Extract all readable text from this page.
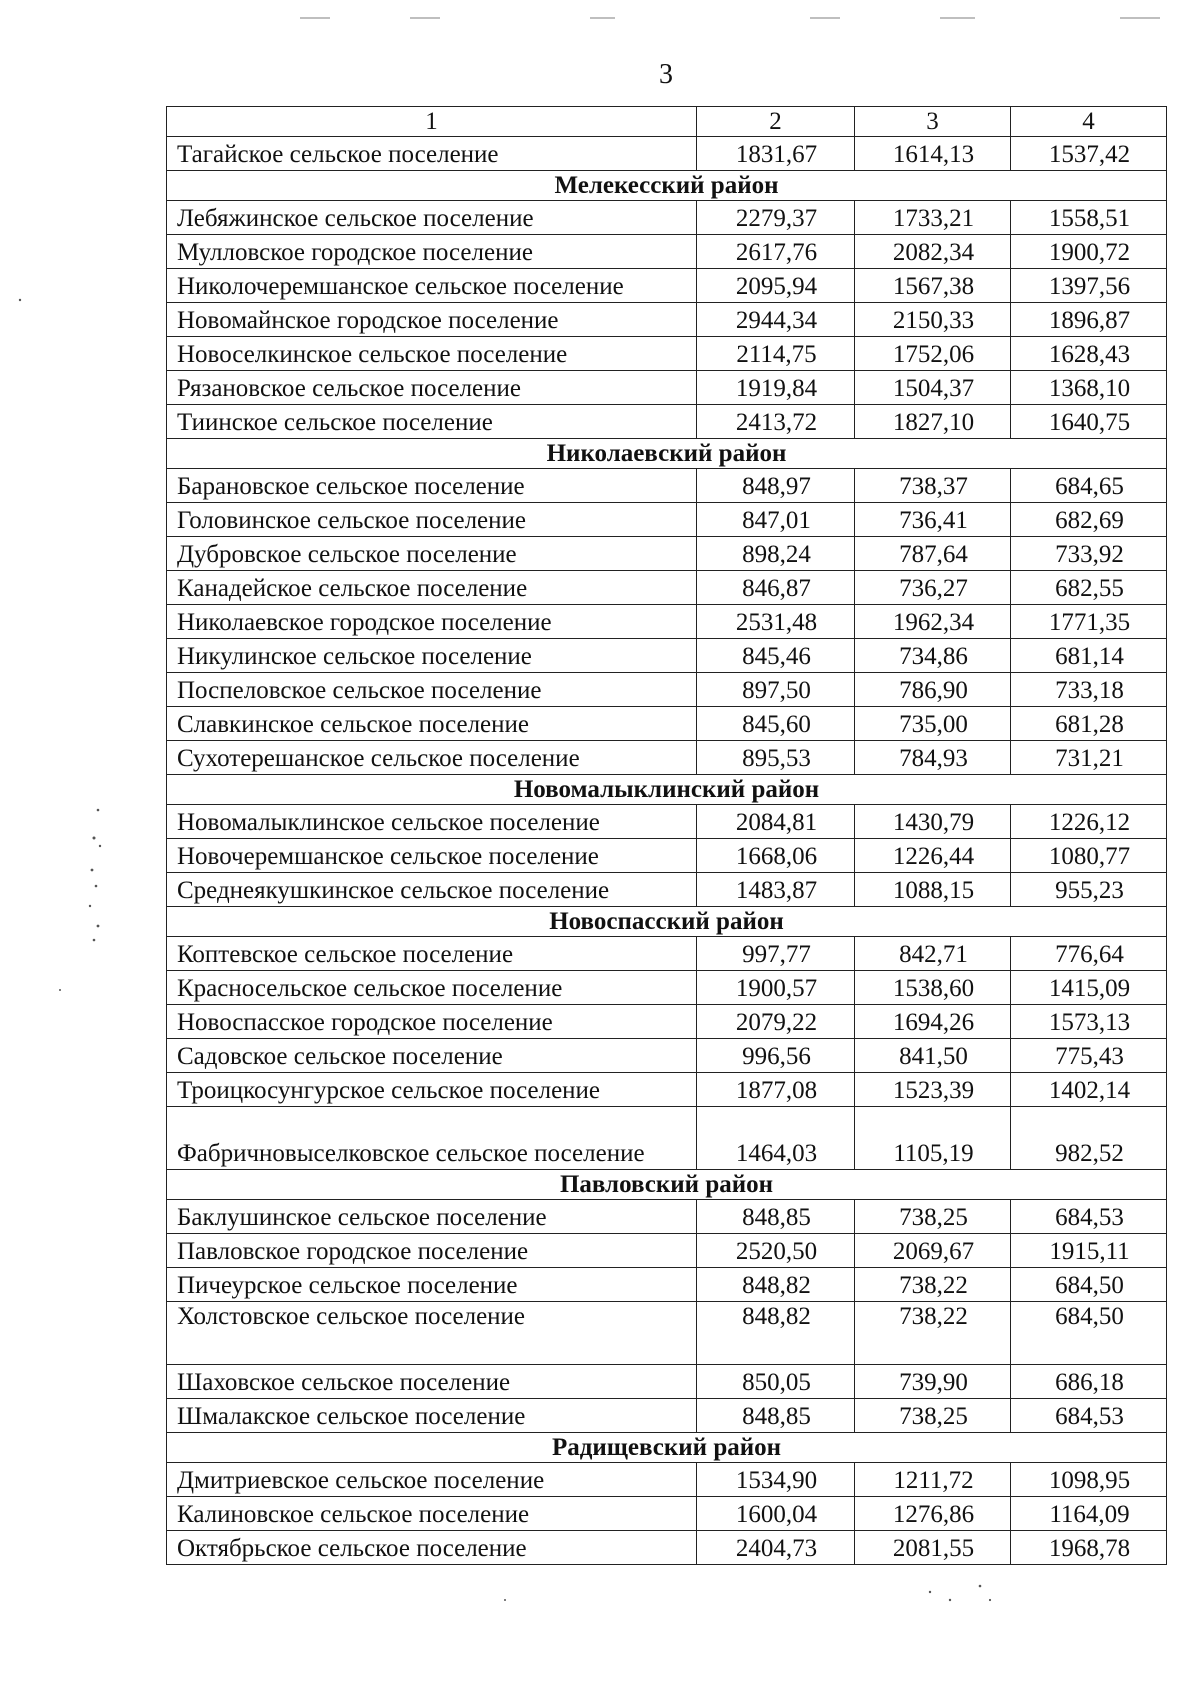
3
1	2	3	4
Тагайское сельское поселение	1831,67	1614,13	1537,42
Мелекесский район			
Лебяжинское сельское поселение	2279,37	1733,21	1558,51
Мулловское городское поселение	2617,76	2082,34	1900,72
Николочеремшанское сельское поселение	2095,94	1567,38	1397,56
Новомайнское городское поселение	2944,34	2150,33	1896,87
Новоселкинское сельское поселение	2114,75	1752,06	1628,43
Рязановское сельское поселение	1919,84	1504,37	1368,10
Тиинское сельское поселение	2413,72	1827,10	1640,75
Николаевский район			
Барановское сельское поселение	848,97	738,37	684,65
Головинское сельское поселение	847,01	736,41	682,69
Дубровское сельское поселение	898,24	787,64	733,92
Канадейское сельское поселение	846,87	736,27	682,55
Николаевское городское поселение	2531,48	1962,34	1771,35
Никулинское сельское поселение	845,46	734,86	681,14
Поспеловское сельское поселение	897,50	786,90	733,18
Славкинское сельское поселение	845,60	735,00	681,28
Сухотерешанское сельское поселение	895,53	784,93	731,21
Новомалыклинский район			
Новомалыклинское сельское поселение	2084,81	1430,79	1226,12
Новочеремшанское сельское поселение	1668,06	1226,44	1080,77
Среднеякушкинское сельское поселение	1483,87	1088,15	955,23
Новоспасский район			
Коптевское сельское поселение	997,77	842,71	776,64
Красносельское сельское поселение	1900,57	1538,60	1415,09
Новоспасское городское поселение	2079,22	1694,26	1573,13
Садовское сельское поселение	996,56	841,50	775,43
Троицкосунгурское сельское поселение	1877,08	1523,39	1402,14
Фабричновыселковское сельское поселение	1464,03	1105,19	982,52
Павловский район			
Баклушинское сельское поселение	848,85	738,25	684,53
Павловское городское поселение	2520,50	2069,67	1915,11
Пичеурское сельское поселение	848,82	738,22	684,50
Холстовское сельское поселение	848,82	738,22	684,50
Шаховское сельское поселение	850,05	739,90	686,18
Шмалакское сельское поселение	848,85	738,25	684,53
Радищевский район			
Дмитриевское сельское поселение	1534,90	1211,72	1098,95
Калиновское сельское поселение	1600,04	1276,86	1164,09
Октябрьское сельское поселение	2404,73	2081,55	1968,78
